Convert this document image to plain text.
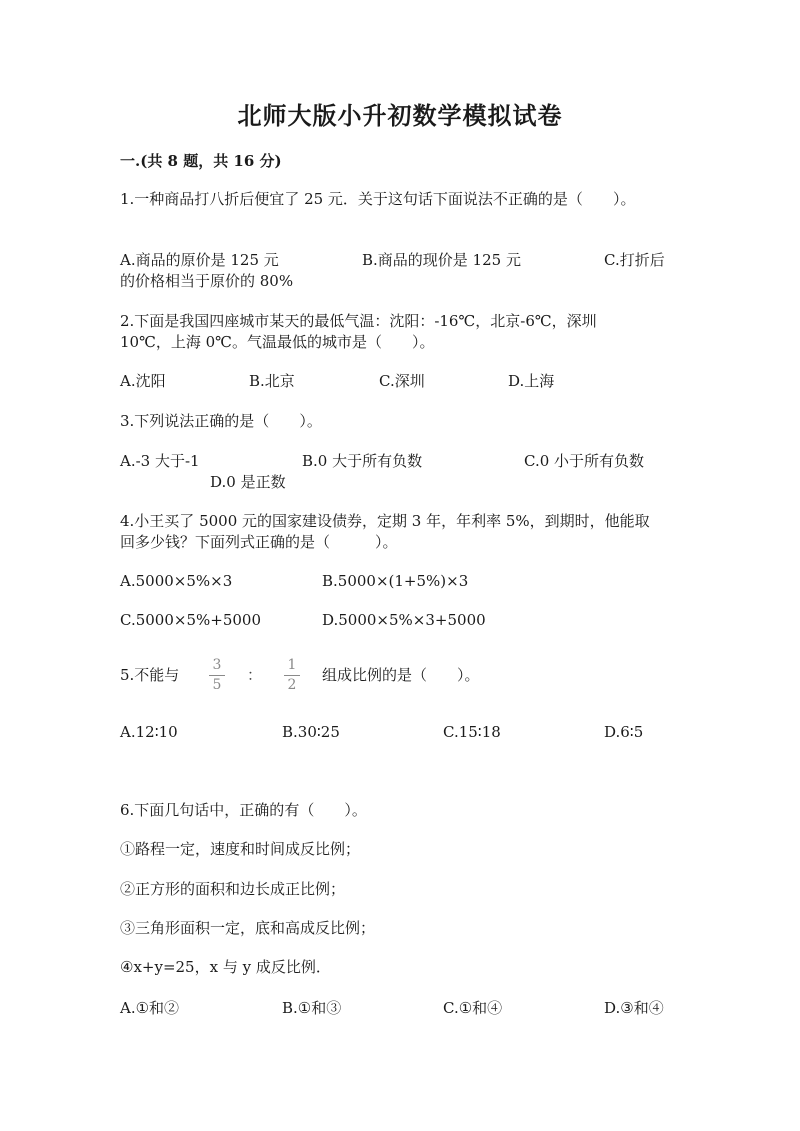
北师大版小升初数学模拟试卷
一.(共 8 题，共 16 分)
1.一种商品打八折后便宜了 25 元．关于这句话下面说法不正确的是（　　）。
A.商品的原价是 125 元	B.商品的现价是 125 元	C.打折后
的价格相当于原价的 80%
2.下面是我国四座城市某天的最低气温：沈阳：-16℃，北京-6℃，深圳
10℃，上海 0℃。气温最低的城市是（　　）。
A.沈阳	B.北京	C.深圳	D.上海
3.下列说法正确的是（　　）。
A.-3 大于-1	B.0 大于所有负数	C.0 小于所有负数
D.0 是正数
4.小王买了 5000 元的国家建设债券，定期 3 年，年利率 5%，到期时，他能取
回多少钱？下面列式正确的是（　　　）。
A.5000×5%×3	B.5000×(1+5%)×3
C.5000×5%+5000	D.5000×5%×3+5000
5.不能与
3
5
：
1
2
组成比例的是（　　）。
A.12∶10	B.30∶25	C.15∶18	D.6∶5
6.下面几句话中，正确的有（　　）。
①路程一定，速度和时间成反比例；
②正方形的面积和边长成正比例；
③三角形面积一定，底和高成反比例；
④x+y=25，x 与 y 成反比例．
A.①和②	B.①和③	C.①和④	D.③和④
